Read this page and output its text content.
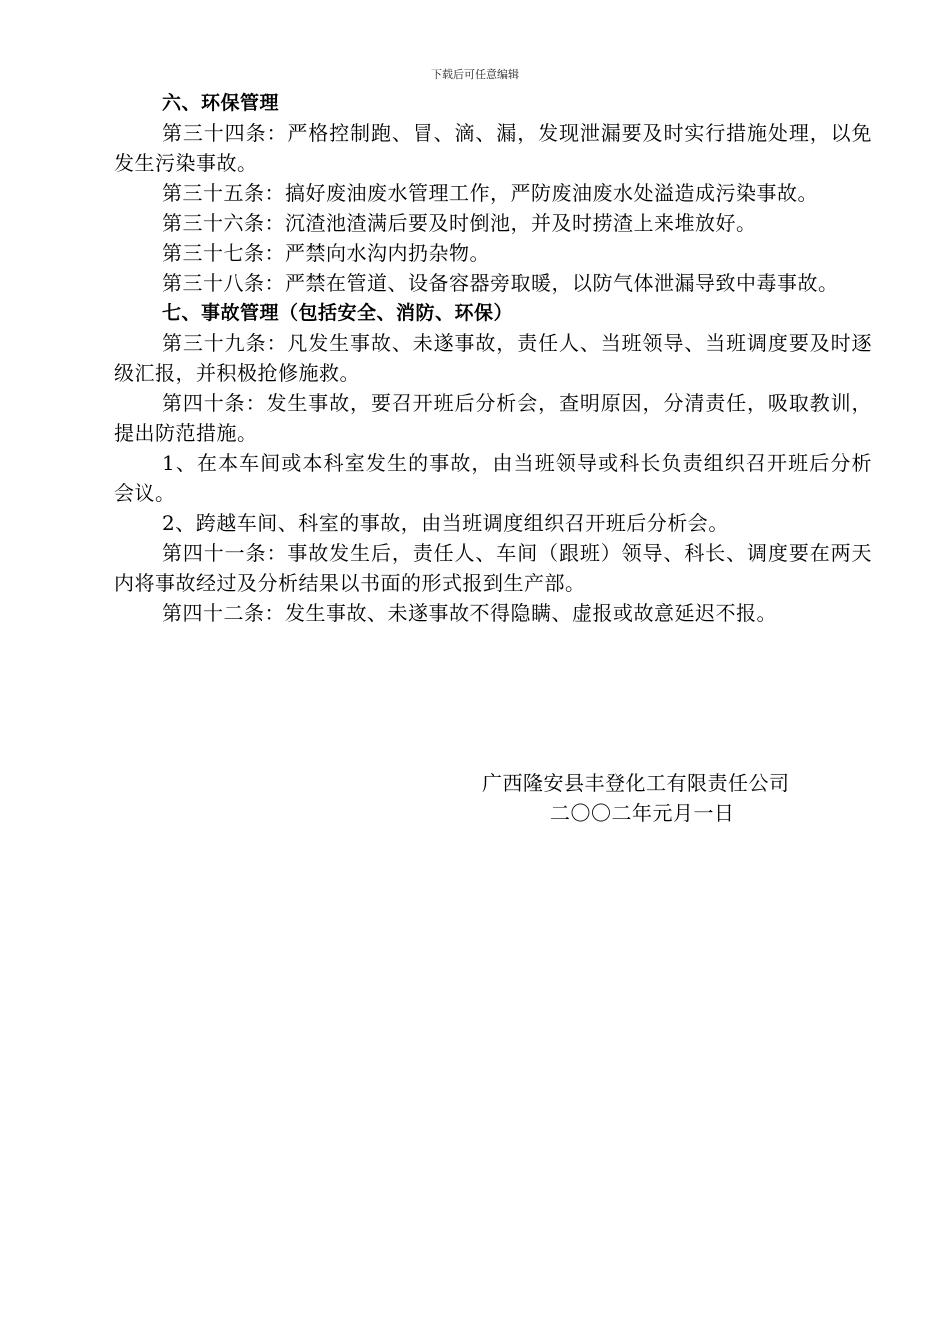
下载后可任意编辑

六、环保管理

第三十四条：严格控制跑、冒、滴、漏，发现泄漏要及时实行措施处理，以免发生污染事故。

第三十五条：搞好废油废水管理工作，严防废油废水处溢造成污染事故。

第三十六条：沉渣池渣满后要及时倒池，并及时捞渣上来堆放好。

第三十七条：严禁向水沟内扔杂物。

第三十八条：严禁在管道、设备容器旁取暖，以防气体泄漏导致中毒事故。

七、事故管理（包括安全、消防、环保）

第三十九条：凡发生事故、未遂事故，责任人、当班领导、当班调度要及时逐级汇报，并积极抢修施救。

第四十条：发生事故，要召开班后分析会，查明原因，分清责任，吸取教训，提出防范措施。

1、在本车间或本科室发生的事故，由当班领导或科长负责组织召开班后分析会议。

2、跨越车间、科室的事故，由当班调度组织召开班后分析会。

第四十一条：事故发生后，责任人、车间（跟班）领导、科长、调度要在两天内将事故经过及分析结果以书面的形式报到生产部。

第四十二条：发生事故、未遂事故不得隐瞒、虚报或故意延迟不报。

广西隆安县丰登化工有限责任公司

二〇〇二年元月一日
